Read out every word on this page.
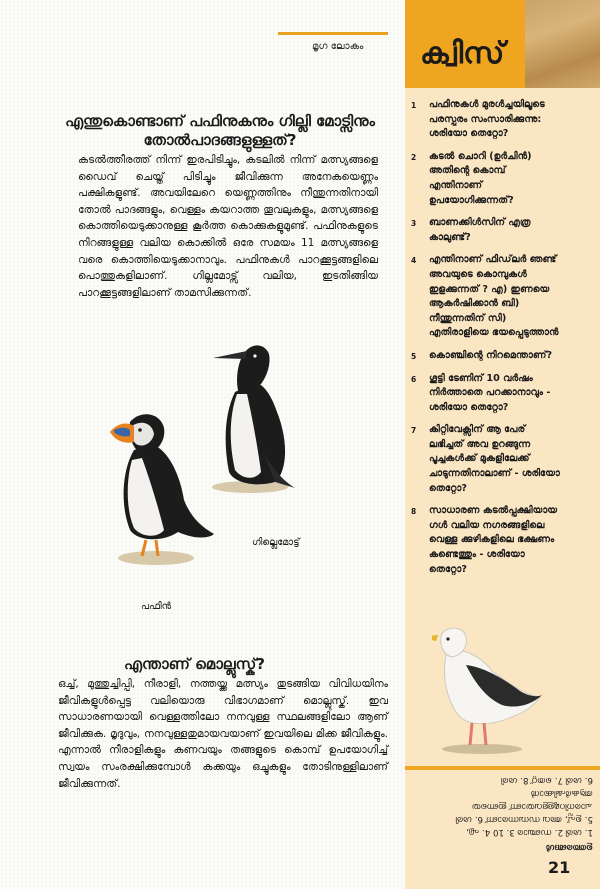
മൃഗ ലോകം
എന്തുകൊണ്ടാണ് പഫിനുകനും ഗില്ലി മോട്സിനും തോൽപാദങ്ങളുള്ളത്?

കടൽത്തീരത്ത് നിന്ന് ഇരപിടിച്ചും, കടലിൽ നിന്ന് മത്സ്യങ്ങളെ ഡൈവ് ചെയ്ത് പിടിച്ചും ജീവിക്കുന്ന അനേകയെണ്ണം പക്ഷികളുണ്ട്. അവയിലേറെ യെണ്ണത്തിനും നീന്തുന്നതിനായി തോൽ പാദങ്ങളും, വെള്ളം കയറാത്ത തൂവലുകളും, മത്സ്യങ്ങളെ കൊത്തിയെടുക്കാനുള്ള കൂർത്ത കൊക്കുകളുമുണ്ട്. പഫിനുകളുടെ നിറങ്ങളുള്ള വലിയ കൊക്കിൽ ഒരേ സമയം 11 മത്സ്യങ്ങളെ വരെ കൊത്തിയെടുക്കാനാവും. പഫിനുകൾ പാറക്കൂട്ടങ്ങളിലെ പൊത്തുകളിലാണ്. ഗില്ലമോട്സ് വലിയ, ഇടതിങ്ങിയ പാറക്കൂട്ടങ്ങളിലാണ് താമസിക്കുന്നത്.

ഗില്ലെമോട്ട്
പഫിൻ
എന്താണ് മൊല്ലുസ്ക്?

ഒച്ച്, മുത്തുച്ചിപ്പി, നീരാളി, നത്തയ്ക്ക മത്സ്യം തുടങ്ങിയ വിവിധയിനം ജീവികളുൾപ്പെട്ട വലിയൊരു വിഭാഗമാണ് മൊല്ലുസ്ക്. ഇവ സാധാരണയായി വെള്ളത്തിലോ നനവുള്ള സ്ഥലങ്ങളിലോ ആണ് ജീവിക്കുക. മൃദുവും, നനവുള്ളതുമായവയാണ് ഇവയിലെ മിക്ക ജീവികളും. എന്നാൽ നീരാളികളും കണവയും തങ്ങളുടെ കൊമ്പ് ഉപയോഗിച്ച് സ്വയം സംരക്ഷിക്കുമ്പോൾ കക്കയും ഒച്ചുകളും തോടിനുള്ളിലാണ് ജീവിക്കുന്നത്.

ക്വിസ്
1	പഫിനുകൾ മുരൾച്ചയിലൂടെ പരസ്പരം സംസാരിക്കുന്നു: ശരിയോ തെറ്റോ?
2	കടൽ ചൊറി (ഉർചിൻ) അതിന്റെ കൊമ്പ് എന്തിനാണ് ഉപയോഗിക്കുന്നത്?
3	ബാണക്കിൾസിന് എത്ര കാലുണ്ട്?
4	എന്തിനാണ് ഫിഡ്‌ലർ ഞണ്ട് അവയുടെ കൊമ്പുകൾ ഇളക്കുന്നത് ? എ) ഇണയെ ആകർഷിക്കാൻ ബി) നീന്തുന്നതിന് സി) എതിരാളിയെ ഭയപ്പെടുത്താൻ
5	കൊഞ്ചിന്റെ നിറമെന്താണ്?
6	ഗൂട്ടി ടേണിന് 10 വർഷം നിർത്താതെ പറക്കാനാവും - ശരിയോ തെറ്റോ?
7	കിറ്റിവേക്സിന് ആ പേര് ലഭിച്ചത് അവ ഉറങ്ങുന്ന പൂച്ചകൾക്ക് മുകളിലേക്ക് ചാടുന്നതിനാലാണ് - ശരിയോ തെറ്റോ?
8	സാധാരണ കടൽപ്പക്ഷിയായ ഗൾ വലിയ നഗരങ്ങളിലെ വെള്ള ക്കുഴികളിലെ ഭക്ഷണം കണ്ടെത്തും - ശരിയോ തെറ്റോ?
ഉത്തരങ്ങൾ
1. ശരി 2. സഞ്ചാര 3. 10 4. എ,
5. ഉപ്പ്, അവ സമ്പന്നരാണ് 6. ശരി
ചാരനിറമുള്ളവയാണ് ഇണയെ ആകർഷിക്കാൻ
6. ശരി 7. തെറ്റ് 8. ശരി
21
